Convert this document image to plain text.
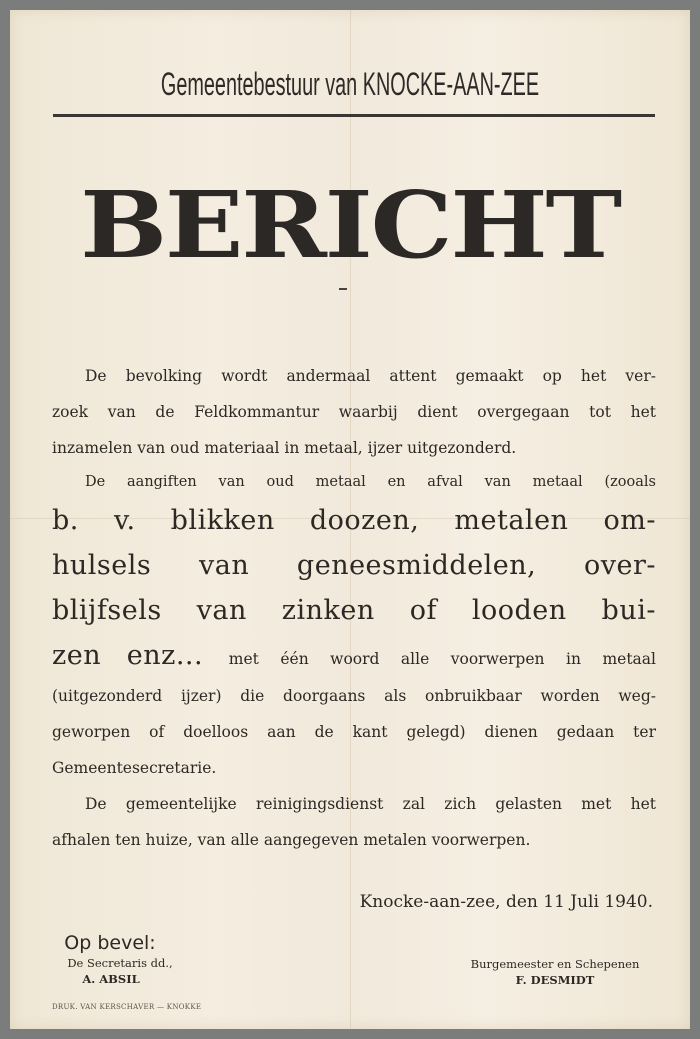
Gemeentebestuur van KNOCKE-AAN-ZEE
BERICHT
De bevolking wordt andermaal attent gemaakt op het ver-
zoek van de Feldkommantur waarbij dient overgegaan tot het
inzamelen van oud materiaal in metaal, ijzer uitgezonderd.
De aangiften van oud metaal en afval van metaal (zooals
b. v. blikken doozen, metalen om-
hulsels van geneesmiddelen, over-
blijfsels van zinken of looden bui-
zen enz... met één woord alle voorwerpen in metaal
(uitgezonderd ijzer) die doorgaans als onbruikbaar worden weg-
geworpen of doelloos aan de kant gelegd) dienen gedaan ter
Gemeentesecretarie.
De gemeentelijke reinigingsdienst zal zich gelasten met het
afhalen ten huize, van alle aangegeven metalen voorwerpen.
Knocke-aan-zee, den 11 Juli 1940.
Op bevel:
De Secretaris dd.,
A. ABSIL
Burgemeester en Schepenen
F. DESMIDT
DRUK. VAN KERSCHAVER — KNOKKE
